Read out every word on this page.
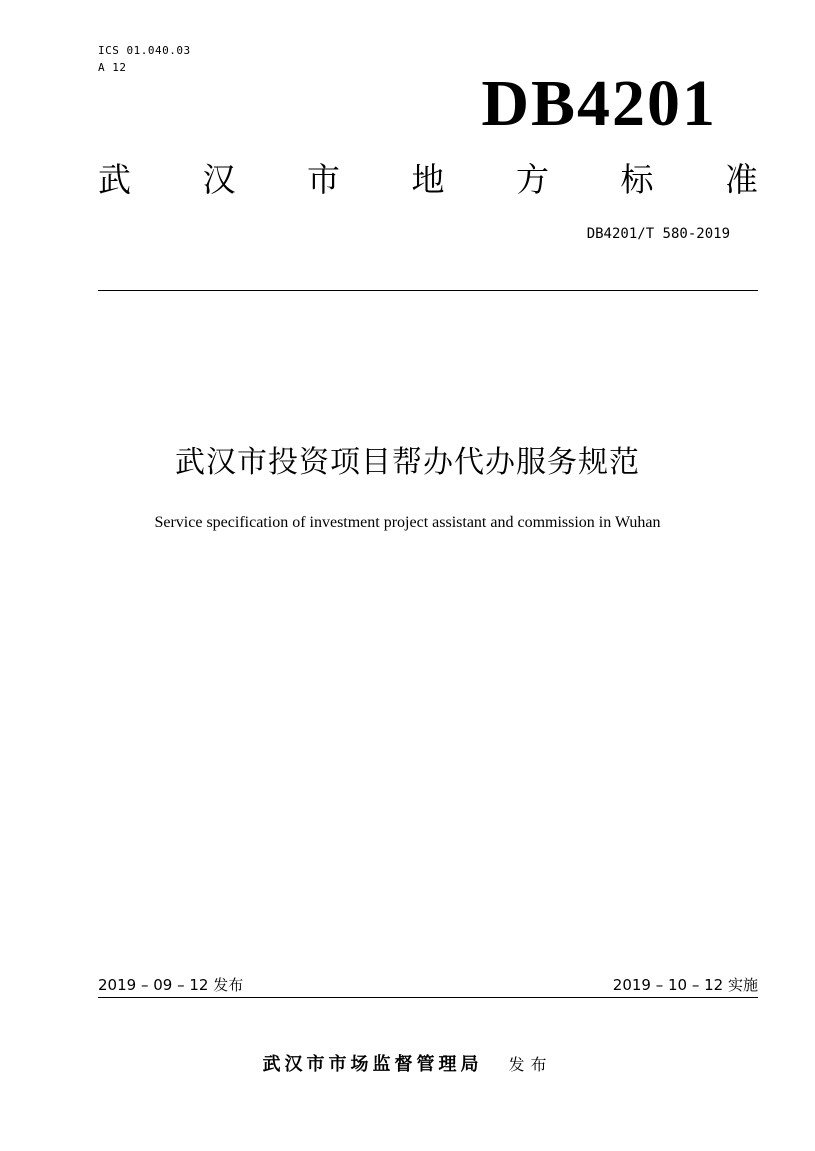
ICS 01.040.03
A 12	DB4201
武 汉 市 地 方 标 准
DB4201/T 580-2019
武汉市投资项目帮办代办服务规范
Service specification of investment project assistant and commission in Wuhan
2019 – 09 – 12 发布	2019 – 10 – 12 实施
武汉市市场监督管理局 发布
